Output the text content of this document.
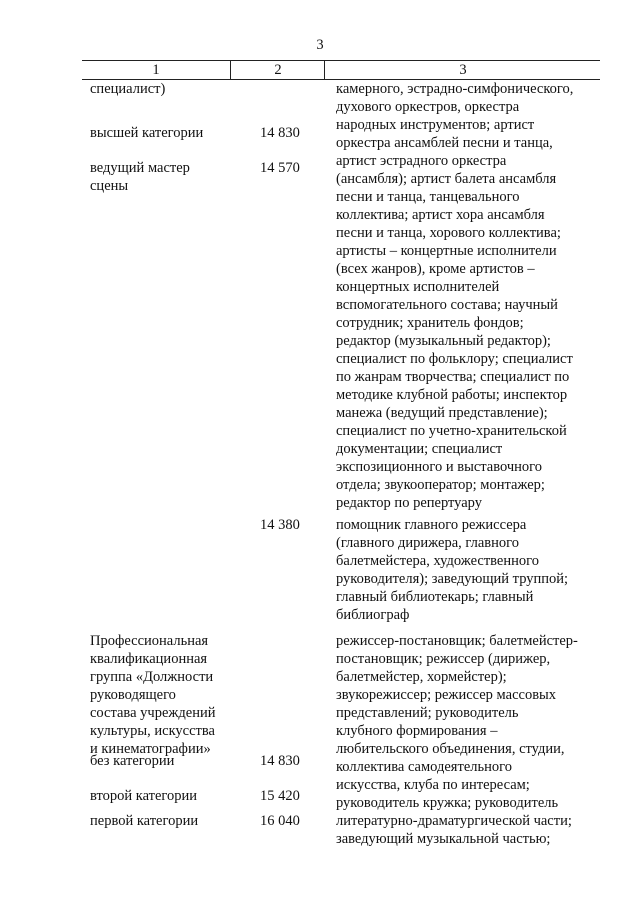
3
1	2	3

специалист)

высшей категории

ведущий мастер
сцены

Профессиональная
квалификационная
группа «Должности
руководящего
состава учреждений
культуры, искусства
и кинематографии»

без категории

второй категории

первой категории

14 830
14 570
14 380
14 830
15 420
16 040

камерного, эстрадно-симфонического,
духового оркестров, оркестра
народных инструментов; артист
оркестра ансамблей песни и танца,
артист эстрадного оркестра
(ансамбля); артист балета ансамбля
песни и танца, танцевального
коллектива; артист хора ансамбля
песни и танца, хорового коллектива;
артисты – концертные исполнители
(всех жанров), кроме артистов –
концертных исполнителей
вспомогательного состава; научный
сотрудник; хранитель фондов;
редактор (музыкальный редактор);
специалист по фольклору; специалист
по жанрам творчества; специалист по
методике клубной работы; инспектор
манежа (ведущий представление);
специалист по учетно-хранительской
документации; специалист
экспозиционного и выставочного
отдела; звукооператор; монтажер;
редактор по репертуару

помощник главного режиссера
(главного дирижера, главного
балетмейстера, художественного
руководителя); заведующий труппой;
главный библиотекарь; главный
библиограф

режиссер-постановщик; балетмейстер-
постановщик; режиссер (дирижер,
балетмейстер, хормейстер);
звукорежиссер; режиссер массовых
представлений; руководитель
клубного формирования –
любительского объединения, студии,
коллектива самодеятельного
искусства, клуба по интересам;
руководитель кружка; руководитель
литературно-драматургической части;
заведующий музыкальной частью;
